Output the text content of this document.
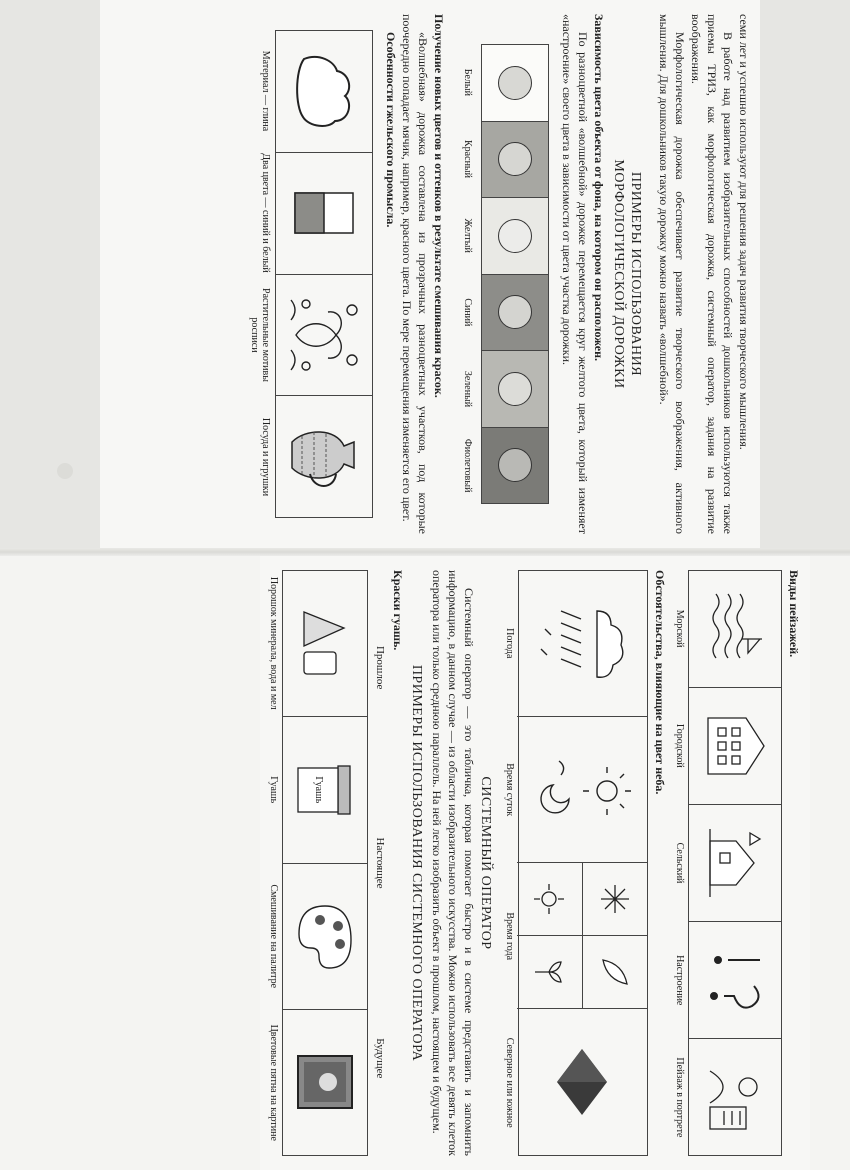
семи лет и успешно используют для решения задач развития творческого мышления.

В работе над развитием изобразительных способностей дошкольников используются также приемы ТРИЗ, как морфологическая дорожка, системный оператор, задания на развитие воображения.

Морфологическая дорожка обеспечивает развитие творческого воображения, активного мышления. Для дошкольников такую дорожку можно назвать «волшебной».

ПРИМЕРЫ ИСПОЛЬЗОВАНИЯ
МОРФОЛОГИЧЕСКОЙ ДОРОЖКИ

Зависимость цвета объекта от фона, на котором он расположен.

По разноцветной «волшебной» дорожке перемещается круг желтого цвета, который изменяет «настроение» своего цвета в зависимости от цвета участка дорожки.

Белый
Красный
Желтый
Синий
Зеленый
Фиолетовый

Получение новых цветов и оттенков в результате смешивания красок.

«Волшебная» дорожка составлена из прозрачных разноцветных участков, под которые поочередно попадает мячик, например, красного цвета. По мере перемещения изменяется его цвет.

Особенности гжельского промысла.

Материал — глина
Два цвета — синий и белый
Растительные мотивы росписи
Посуда и игрушки

Виды пейзажей.

Морской
Городской
Сельский
Настроение
Пейзаж в портрете

Обстоятельства, влияющие на цвет неба.

Погода
Время суток
Время года
Северное или южное
СИСТЕМНЫЙ ОПЕРАТОР

Системный оператор — это табличка, которая помогает быстро и в системе представить и запомнить информацию, в данном случае — из области изобразительного искусства. Можно использовать все девять клеток оператора или только среднюю параллель. На ней легко изобразить объект в прошлом, настоящем и будущем.

ПРИМЕРЫ ИСПОЛЬЗОВАНИЯ СИСТЕМНОГО ОПЕРАТОРА

Краски гуашь.

Прошлое
Настоящее
Будущее
Гуашь
Порошок минерала, вода и мел
Гуашь
Смешивание на палитре
Цветовые пятна на картине
